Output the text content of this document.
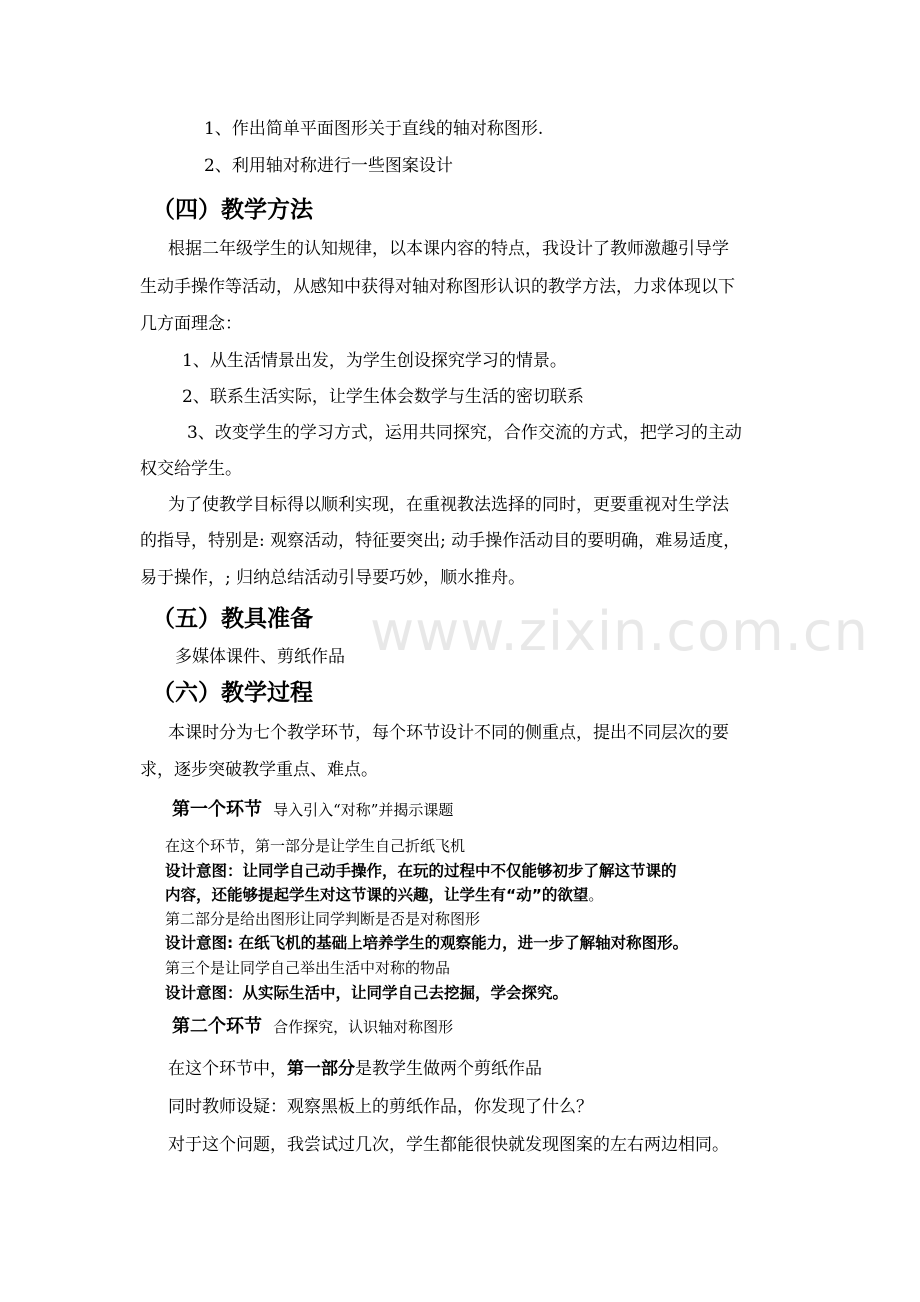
www.zixin.com.cn
1、作出简单平面图形关于直线的轴对称图形.
2、利用轴对称进行一些图案设计
（四）教学方法
根据二年级学生的认知规律，以本课内容的特点，我设计了教师激趣引导学
生动手操作等活动，从感知中获得对轴对称图形认识的教学方法，力求体现以下
几方面理念：
1、从生活情景出发，为学生创设探究学习的情景。
2、联系生活实际，让学生体会数学与生活的密切联系
3、改变学生的学习方式，运用共同探究，合作交流的方式，把学习的主动
权交给学生。
为了使教学目标得以顺利实现，在重视教法选择的同时，更要重视对生学法
的指导，特别是: 观察活动，特征要突出; 动手操作活动目的要明确，难易适度，
易于操作，; 归纳总结活动引导要巧妙，顺水推舟。
（五）教具准备
多媒体课件、剪纸作品
（六）教学过程
本课时分为七个教学环节，每个环节设计不同的侧重点，提出不同层次的要
求，逐步突破教学重点、难点。
第一个环节 导入引入“对称”并揭示课题
在这个环节，第一部分是让学生自己折纸飞机
设计意图：让同学自己动手操作，在玩的过程中不仅能够初步了解这节课的
内容，还能够提起学生对这节课的兴趣，让学生有“动”的欲望。
第二部分是给出图形让同学判断是否是对称图形
设计意图: 在纸飞机的基础上培养学生的观察能力，进一步了解轴对称图形。
第三个是让同学自己举出生活中对称的物品
设计意图：从实际生活中，让同学自己去挖掘，学会探究。
第二个环节 合作探究，认识轴对称图形
在这个环节中，第一部分是教学生做两个剪纸作品
同时教师设疑：观察黑板上的剪纸作品，你发现了什么？
对于这个问题，我尝试过几次，学生都能很快就发现图案的左右两边相同。
